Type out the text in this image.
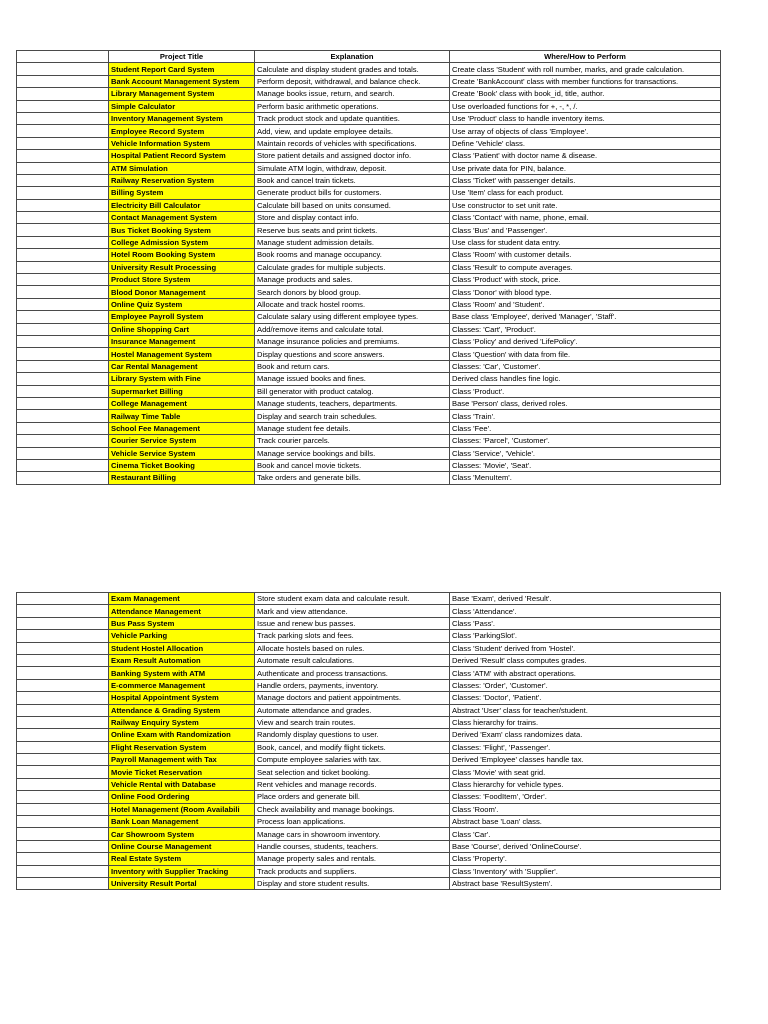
	Project Title	Explanation	Where/How to Perform
	Student Report Card System	Calculate and display student grades and totals.	Create class 'Student' with roll number, marks, and grade calculation.
	Bank Account Management System	Perform deposit, withdrawal, and balance check.	Create 'BankAccount' class with member functions for transactions.
	Library Management System	Manage books issue, return, and search.	Create 'Book' class with book_id, title, author.
	Simple Calculator	Perform basic arithmetic operations.	Use overloaded functions for +, -, *, /.
	Inventory Management System	Track product stock and update quantities.	Use 'Product' class to handle inventory items.
	Employee Record System	Add, view, and update employee details.	Use array of objects of class 'Employee'.
	Vehicle Information System	Maintain records of vehicles with specifications.	Define 'Vehicle' class.
	Hospital Patient Record System	Store patient details and assigned doctor info.	Class 'Patient' with doctor name & disease.
	ATM Simulation	Simulate ATM login, withdraw, deposit.	Use private data for PIN, balance.
	Railway Reservation System	Book and cancel train tickets.	Class 'Ticket' with passenger details.
	Billing System	Generate product bills for customers.	Use 'Item' class for each product.
	Electricity Bill Calculator	Calculate bill based on units consumed.	Use constructor to set unit rate.
	Contact Management System	Store and display contact info.	Class 'Contact' with name, phone, email.
	Bus Ticket Booking System	Reserve bus seats and print tickets.	Class 'Bus' and 'Passenger'.
	College Admission System	Manage student admission details.	Use class for student data entry.
	Hotel Room Booking System	Book rooms and manage occupancy.	Class 'Room' with customer details.
	University Result Processing	Calculate grades for multiple subjects.	Class 'Result' to compute averages.
	Product Store System	Manage products and sales.	Class 'Product' with stock, price.
	Blood Donor Management	Search donors by blood group.	Class 'Donor' with blood type.
	Online Quiz System	Allocate and track hostel rooms.	Class 'Room' and 'Student'.
	Employee Payroll System	Calculate salary using different employee types.	Base class 'Employee', derived 'Manager', 'Staff'.
	Online Shopping Cart	Add/remove items and calculate total.	Classes: 'Cart', 'Product'.
	Insurance Management	Manage insurance policies and premiums.	Class 'Policy' and derived 'LifePolicy'.
	Hostel Management System	Display questions and score answers.	Class 'Question' with data from file.
	Car Rental Management	Book and return cars.	Classes: 'Car', 'Customer'.
	Library System with Fine	Manage issued books and fines.	Derived class handles fine logic.
	Supermarket Billing	Bill generator with product catalog.	Class 'Product'.
	College Management	Manage students, teachers, departments.	Base 'Person' class, derived roles.
	Railway Time Table	Display and search train schedules.	Class 'Train'.
	School Fee Management	Manage student fee details.	Class 'Fee'.
	Courier Service System	Track courier parcels.	Classes: 'Parcel', 'Customer'.
	Vehicle Service System	Manage service bookings and bills.	Class 'Service', 'Vehicle'.
	Cinema Ticket Booking	Book and cancel movie tickets.	Classes: 'Movie', 'Seat'.
	Restaurant Billing	Take orders and generate bills.	Class 'MenuItem'.
	Exam Management	Store student exam data and calculate result.	Base 'Exam', derived 'Result'.
	Attendance Management	Mark and view attendance.	Class 'Attendance'.
	Bus Pass System	Issue and renew bus passes.	Class 'Pass'.
	Vehicle Parking	Track parking slots and fees.	Class 'ParkingSlot'.
	Student Hostel Allocation	Allocate hostels based on rules.	Class 'Student' derived from 'Hostel'.
	Exam Result Automation	Automate result calculations.	Derived 'Result' class computes grades.
	Banking System with ATM	Authenticate and process transactions.	Class 'ATM' with abstract operations.
	E-commerce Management	Handle orders, payments, inventory.	Classes: 'Order', 'Customer'.
	Hospital Appointment System	Manage doctors and patient appointments.	Classes: 'Doctor', 'Patient'.
	Attendance & Grading System	Automate attendance and grades.	Abstract 'User' class for teacher/student.
	Railway Enquiry System	View and search train routes.	Class hierarchy for trains.
	Online Exam with Randomization	Randomly display questions to user.	Derived 'Exam' class randomizes data.
	Flight Reservation System	Book, cancel, and modify flight tickets.	Classes: 'Flight', 'Passenger'.
	Payroll Management with Tax	Compute employee salaries with tax.	Derived 'Employee' classes handle tax.
	Movie Ticket Reservation	Seat selection and ticket booking.	Class 'Movie' with seat grid.
	Vehicle Rental with Database	Rent vehicles and manage records.	Class hierarchy for vehicle types.
	Online Food Ordering	Place orders and generate bill.	Classes: 'FoodItem', 'Order'.
	Hotel Management (Room Availabili	Check availability and manage bookings.	Class 'Room'.
	Bank Loan Management	Process loan applications.	Abstract base 'Loan' class.
	Car Showroom System	Manage cars in showroom inventory.	Class 'Car'.
	Online Course Management	Handle courses, students, teachers.	Base 'Course', derived 'OnlineCourse'.
	Real Estate System	Manage property sales and rentals.	Class 'Property'.
	Inventory with Supplier Tracking	Track products and suppliers.	Class 'Inventory' with 'Supplier'.
	University Result Portal	Display and store student results.	Abstract base 'ResultSystem'.
